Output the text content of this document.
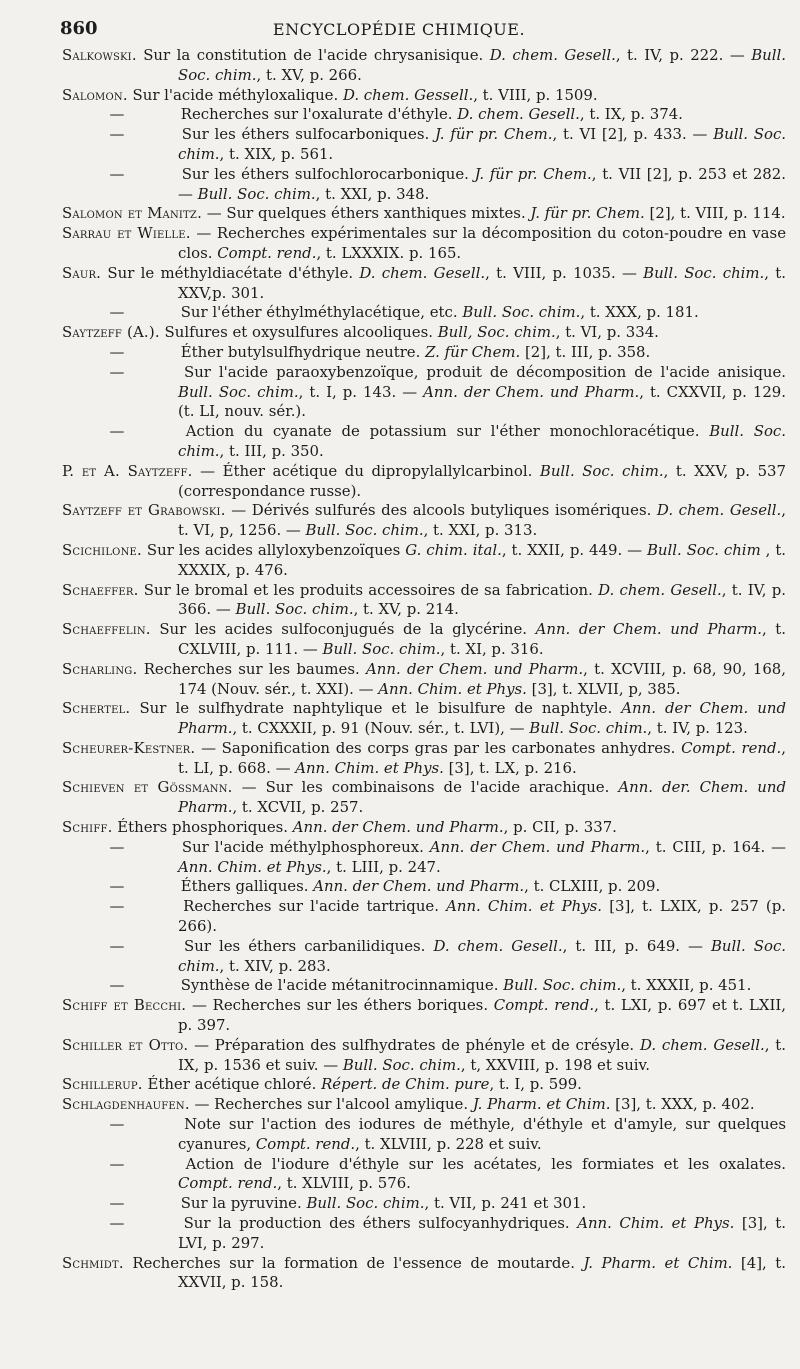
860	ENCYCLOPÉDIE CHIMIQUE.

Salkowski. Sur la constitution de l'acide chrysanisique. D. chem. Gesell., t. IV, p. 222. — Bull. Soc. chim., t. XV, p. 266.

Salomon. Sur l'acide méthyloxalique. D. chem. Gessell., t. VIII, p. 1509.

—	Recherches sur l'oxalurate d'éthyle. D. chem. Gesell., t. IX, p. 374.

—	Sur les éthers sulfocarboniques. J. für pr. Chem., t. VI [2], p. 433. — Bull. Soc. chim., t. XIX, p. 561.

—	Sur les éthers sulfochlorocarbonique. J. für pr. Chem., t. VII [2], p. 253 et 282. — Bull. Soc. chim., t. XXI, p. 348.

Salomon et Manitz. — Sur quelques éthers xanthiques mixtes. J. für pr. Chem. [2], t. VIII, p. 114.

Sarrau et Wielle. — Recherches expérimentales sur la décomposition du coton-poudre en vase clos. Compt. rend., t. LXXXIX. p. 165.

Saur. Sur le méthyldiacétate d'éthyle. D. chem. Gesell., t. VIII, p. 1035. — Bull. Soc. chim., t. XXV,p. 301.

—	Sur l'éther éthylméthylacétique, etc. Bull. Soc. chim., t. XXX, p. 181.

Saytzeff (A.). Sulfures et oxysulfures alcooliques. Bull, Soc. chim., t. VI, p. 334.

—	Éther butylsulfhydrique neutre. Z. für Chem. [2], t. III, p. 358.

—	Sur l'acide paraoxybenzoïque, produit de décomposition de l'acide anisique. Bull. Soc. chim., t. I, p. 143. — Ann. der Chem. und Pharm., t. CXXVII, p. 129. (t. LI, nouv. sér.).

—	Action du cyanate de potassium sur l'éther monochloracétique. Bull. Soc. chim., t. III, p. 350.

P. et A. Saytzeff. — Éther acétique du dipropylallylcarbinol. Bull. Soc. chim., t. XXV, p. 537 (correspondance russe).

Saytzeff et Grabowski. — Dérivés sulfurés des alcools butyliques isomériques. D. chem. Gesell., t. VI, p, 1256. — Bull. Soc. chim., t. XXI, p. 313.

Scichilone. Sur les acides allyloxybenzoïques G. chim. ital., t. XXII, p. 449. — Bull. Soc. chim , t. XXXIX, p. 476.

Schaeffer. Sur le bromal et les produits accessoires de sa fabrication. D. chem. Gesell., t. IV, p. 366. — Bull. Soc. chim., t. XV, p. 214.

Schaeffelin. Sur les acides sulfoconjugués de la glycérine. Ann. der Chem. und Pharm., t. CXLVIII, p. 111. — Bull. Soc. chim., t. XI, p. 316.

Scharling. Recherches sur les baumes. Ann. der Chem. und Pharm., t. XCVIII, p. 68, 90, 168, 174 (Nouv. sér., t. XXI). — Ann. Chim. et Phys. [3], t. XLVII, p, 385.

Schertel. Sur le sulfhydrate naphtylique et le bisulfure de naphtyle. Ann. der Chem. und Pharm., t. CXXXII, p. 91 (Nouv. sér., t. LVI), — Bull. Soc. chim., t. IV, p. 123.

Scheurer-Kestner. — Saponification des corps gras par les carbonates anhydres. Compt. rend., t. LI, p. 668. — Ann. Chim. et Phys. [3], t. LX, p. 216.

Schieven et Gössmann. — Sur les combinaisons de l'acide arachique. Ann. der. Chem. und Pharm., t. XCVII, p. 257.

Schiff. Éthers phosphoriques. Ann. der Chem. und Pharm., p. CII, p. 337.

—	Sur l'acide méthylphosphoreux. Ann. der Chem. und Pharm., t. CIII, p. 164. — Ann. Chim. et Phys., t. LIII, p. 247.

—	Éthers galliques. Ann. der Chem. und Pharm., t. CLXIII, p. 209.

—	Recherches sur l'acide tartrique. Ann. Chim. et Phys. [3], t. LXIX, p. 257 (p. 266).

—	Sur les éthers carbanilidiques. D. chem. Gesell., t. III, p. 649. — Bull. Soc. chim., t. XIV, p. 283.

—	Synthèse de l'acide métanitrocinnamique. Bull. Soc. chim., t. XXXII, p. 451.

Schiff et Becchi. — Recherches sur les éthers boriques. Compt. rend., t. LXI, p. 697 et t. LXII, p. 397.

Schiller et Otto. — Préparation des sulfhydrates de phényle et de crésyle. D. chem. Gesell., t. IX, p. 1536 et suiv. — Bull. Soc. chim., t, XXVIII, p. 198 et suiv.

Schillerup. Éther acétique chloré. Répert. de Chim. pure, t. I, p. 599.

Schlagdenhaufen. — Recherches sur l'alcool amylique. J. Pharm. et Chim. [3], t. XXX, p. 402.

—	Note sur l'action des iodures de méthyle, d'éthyle et d'amyle, sur quelques cyanures, Compt. rend., t. XLVIII, p. 228 et suiv.

—	Action de l'iodure d'éthyle sur les acétates, les formiates et les oxalates. Compt. rend., t. XLVIII, p. 576.

—	Sur la pyruvine. Bull. Soc. chim., t. VII, p. 241 et 301.

—	Sur la production des éthers sulfocyanhydriques. Ann. Chim. et Phys. [3], t. LVI, p. 297.

Schmidt. Recherches sur la formation de l'essence de moutarde. J. Pharm. et Chim. [4], t. XXVII, p. 158.
